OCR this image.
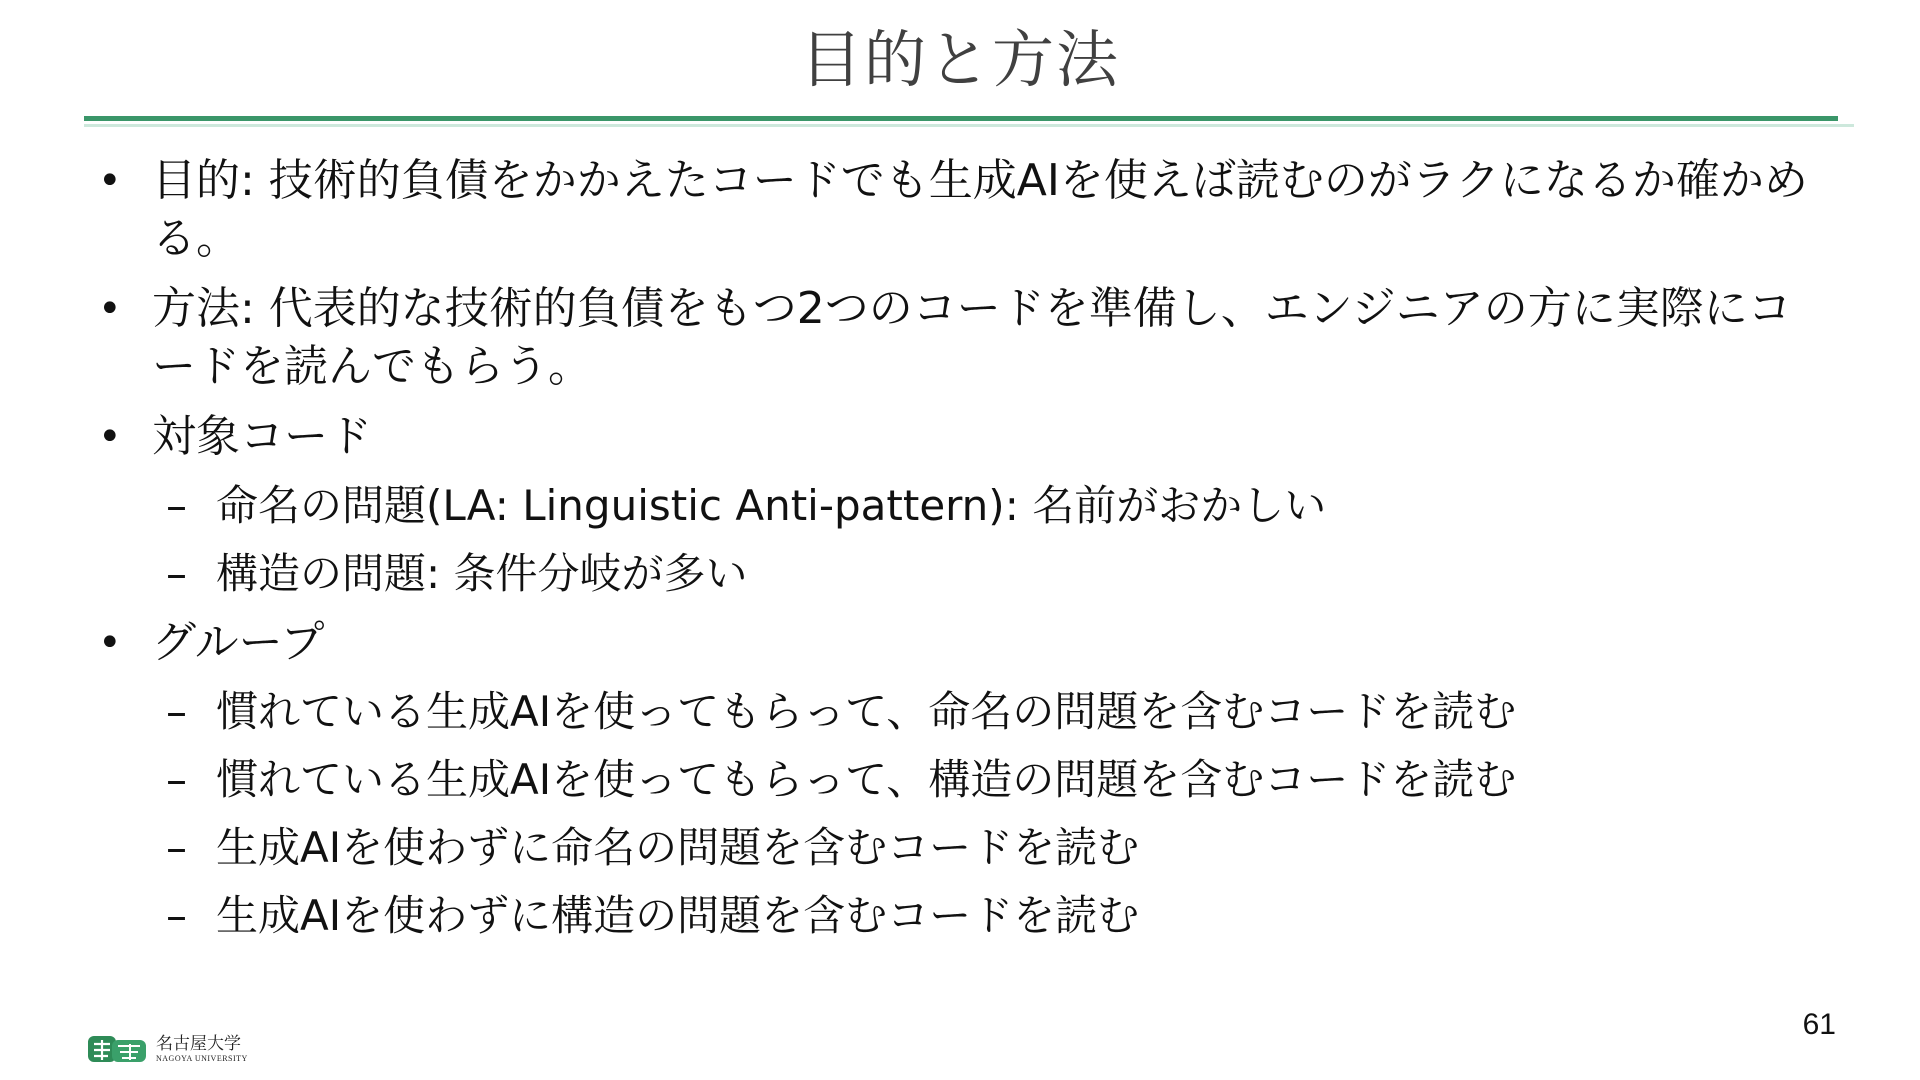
目的と方法
• 目的: 技術的負債をかかえたコードでも生成AIを使えば読むのがラクになるか確かめる。
• 方法: 代表的な技術的負債をもつ2つのコードを準備し、エンジニアの方に実際にコードを読んでもらう。
• 対象コード
– 命名の問題(LA: Linguistic Anti-pattern): 名前がおかしい
– 構造の問題: 条件分岐が多い
• グループ
– 慣れている生成AIを使ってもらって、命名の問題を含むコードを読む
– 慣れている生成AIを使ってもらって、構造の問題を含むコードを読む
– 生成AIを使わずに命名の問題を含むコードを読む
– 生成AIを使わずに構造の問題を含むコードを読む
61
名古屋大学
NAGOYA UNIVERSITY
